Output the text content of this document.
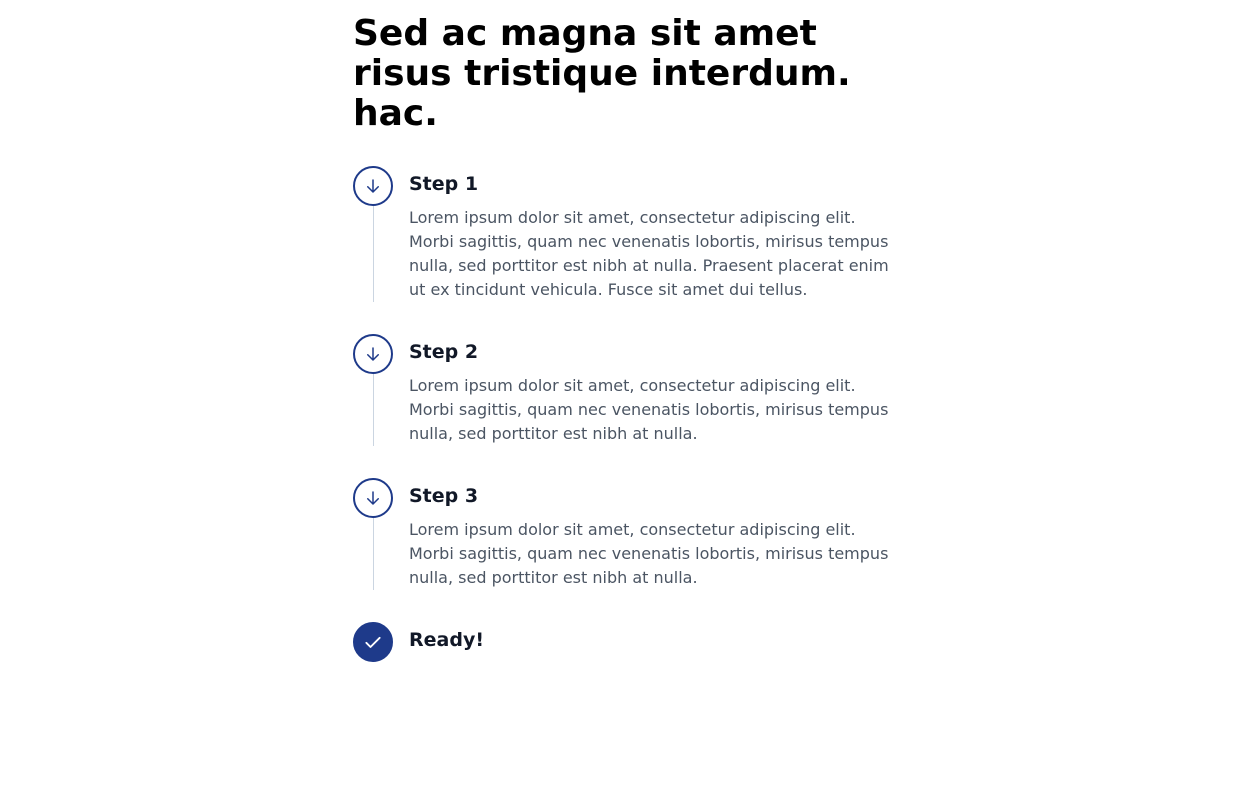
Sed ac magna sit amet risus tristique interdum. hac.

Step 1

Lorem ipsum dolor sit amet, consectetur adipiscing elit. Morbi sagittis, quam nec venenatis lobortis, mirisus tempus nulla, sed porttitor est nibh at nulla. Praesent placerat enim ut ex tincidunt vehicula. Fusce sit amet dui tellus.

Step 2

Lorem ipsum dolor sit amet, consectetur adipiscing elit. Morbi sagittis, quam nec venenatis lobortis, mirisus tempus nulla, sed porttitor est nibh at nulla.

Step 3

Lorem ipsum dolor sit amet, consectetur adipiscing elit. Morbi sagittis, quam nec venenatis lobortis, mirisus tempus nulla, sed porttitor est nibh at nulla.

Ready!
